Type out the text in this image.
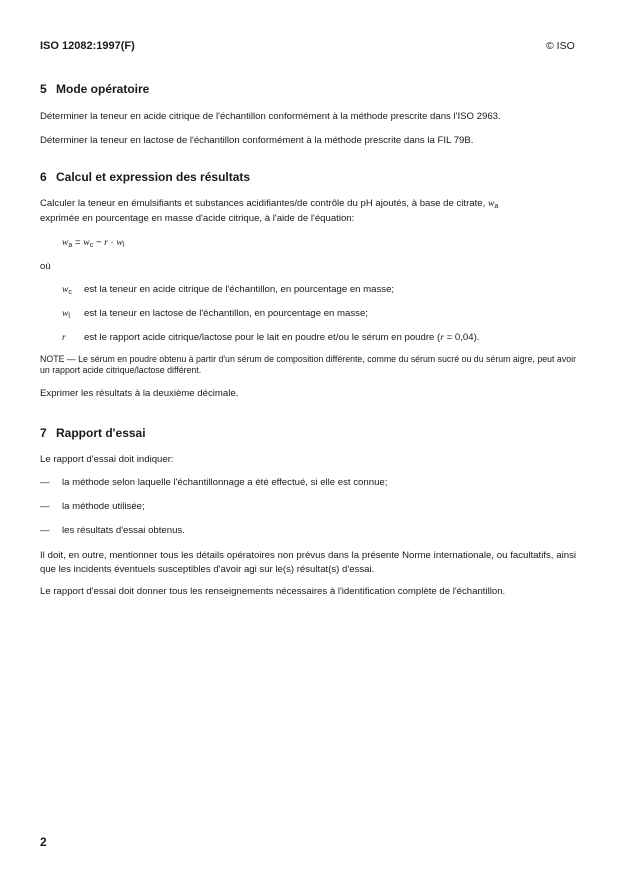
ISO 12082:1997(F)	© ISO
5 Mode opératoire
Déterminer la teneur en acide citrique de l'échantillon conformément à la méthode prescrite dans l'ISO 2963.
Déterminer la teneur en lactose de l'échantillon conformément à la méthode prescrite dans la FIL 79B.
6 Calcul et expression des résultats
Calculer la teneur en émulsifiants et substances acidifiantes/de contrôle du pH ajoutés, à base de citrate, $w_a$
exprimée en pourcentage en masse d'acide citrique, à l'aide de l'équation:
$w_a = w_c - r \cdot w_l$
où
$w_c$ est la teneur en acide citrique de l'échantillon, en pourcentage en masse;
$w_l$ est la teneur en lactose de l'échantillon, en pourcentage en masse;
r est le rapport acide citrique/lactose pour le lait en poudre et/ou le sérum en poudre (r = 0,04).
NOTE — Le sérum en poudre obtenu à partir d'un sérum de composition différente, comme du sérum sucré ou du sérum aigre, peut avoir un rapport acide citrique/lactose différent.
Exprimer les résultats à la deuxième décimale.
7 Rapport d'essai
Le rapport d'essai doit indiquer:
— la méthode selon laquelle l'échantillonnage a été effectué, si elle est connue;
— la méthode utilisée;
— les résultats d'essai obtenus.
Il doit, en outre, mentionner tous les détails opératoires non prévus dans la présente Norme internationale, ou facultatifs, ainsi que les incidents éventuels susceptibles d'avoir agi sur le(s) résultat(s) d'essai.
Le rapport d'essai doit donner tous les renseignements nécessaires à l'identification complète de l'échantillon.
2
